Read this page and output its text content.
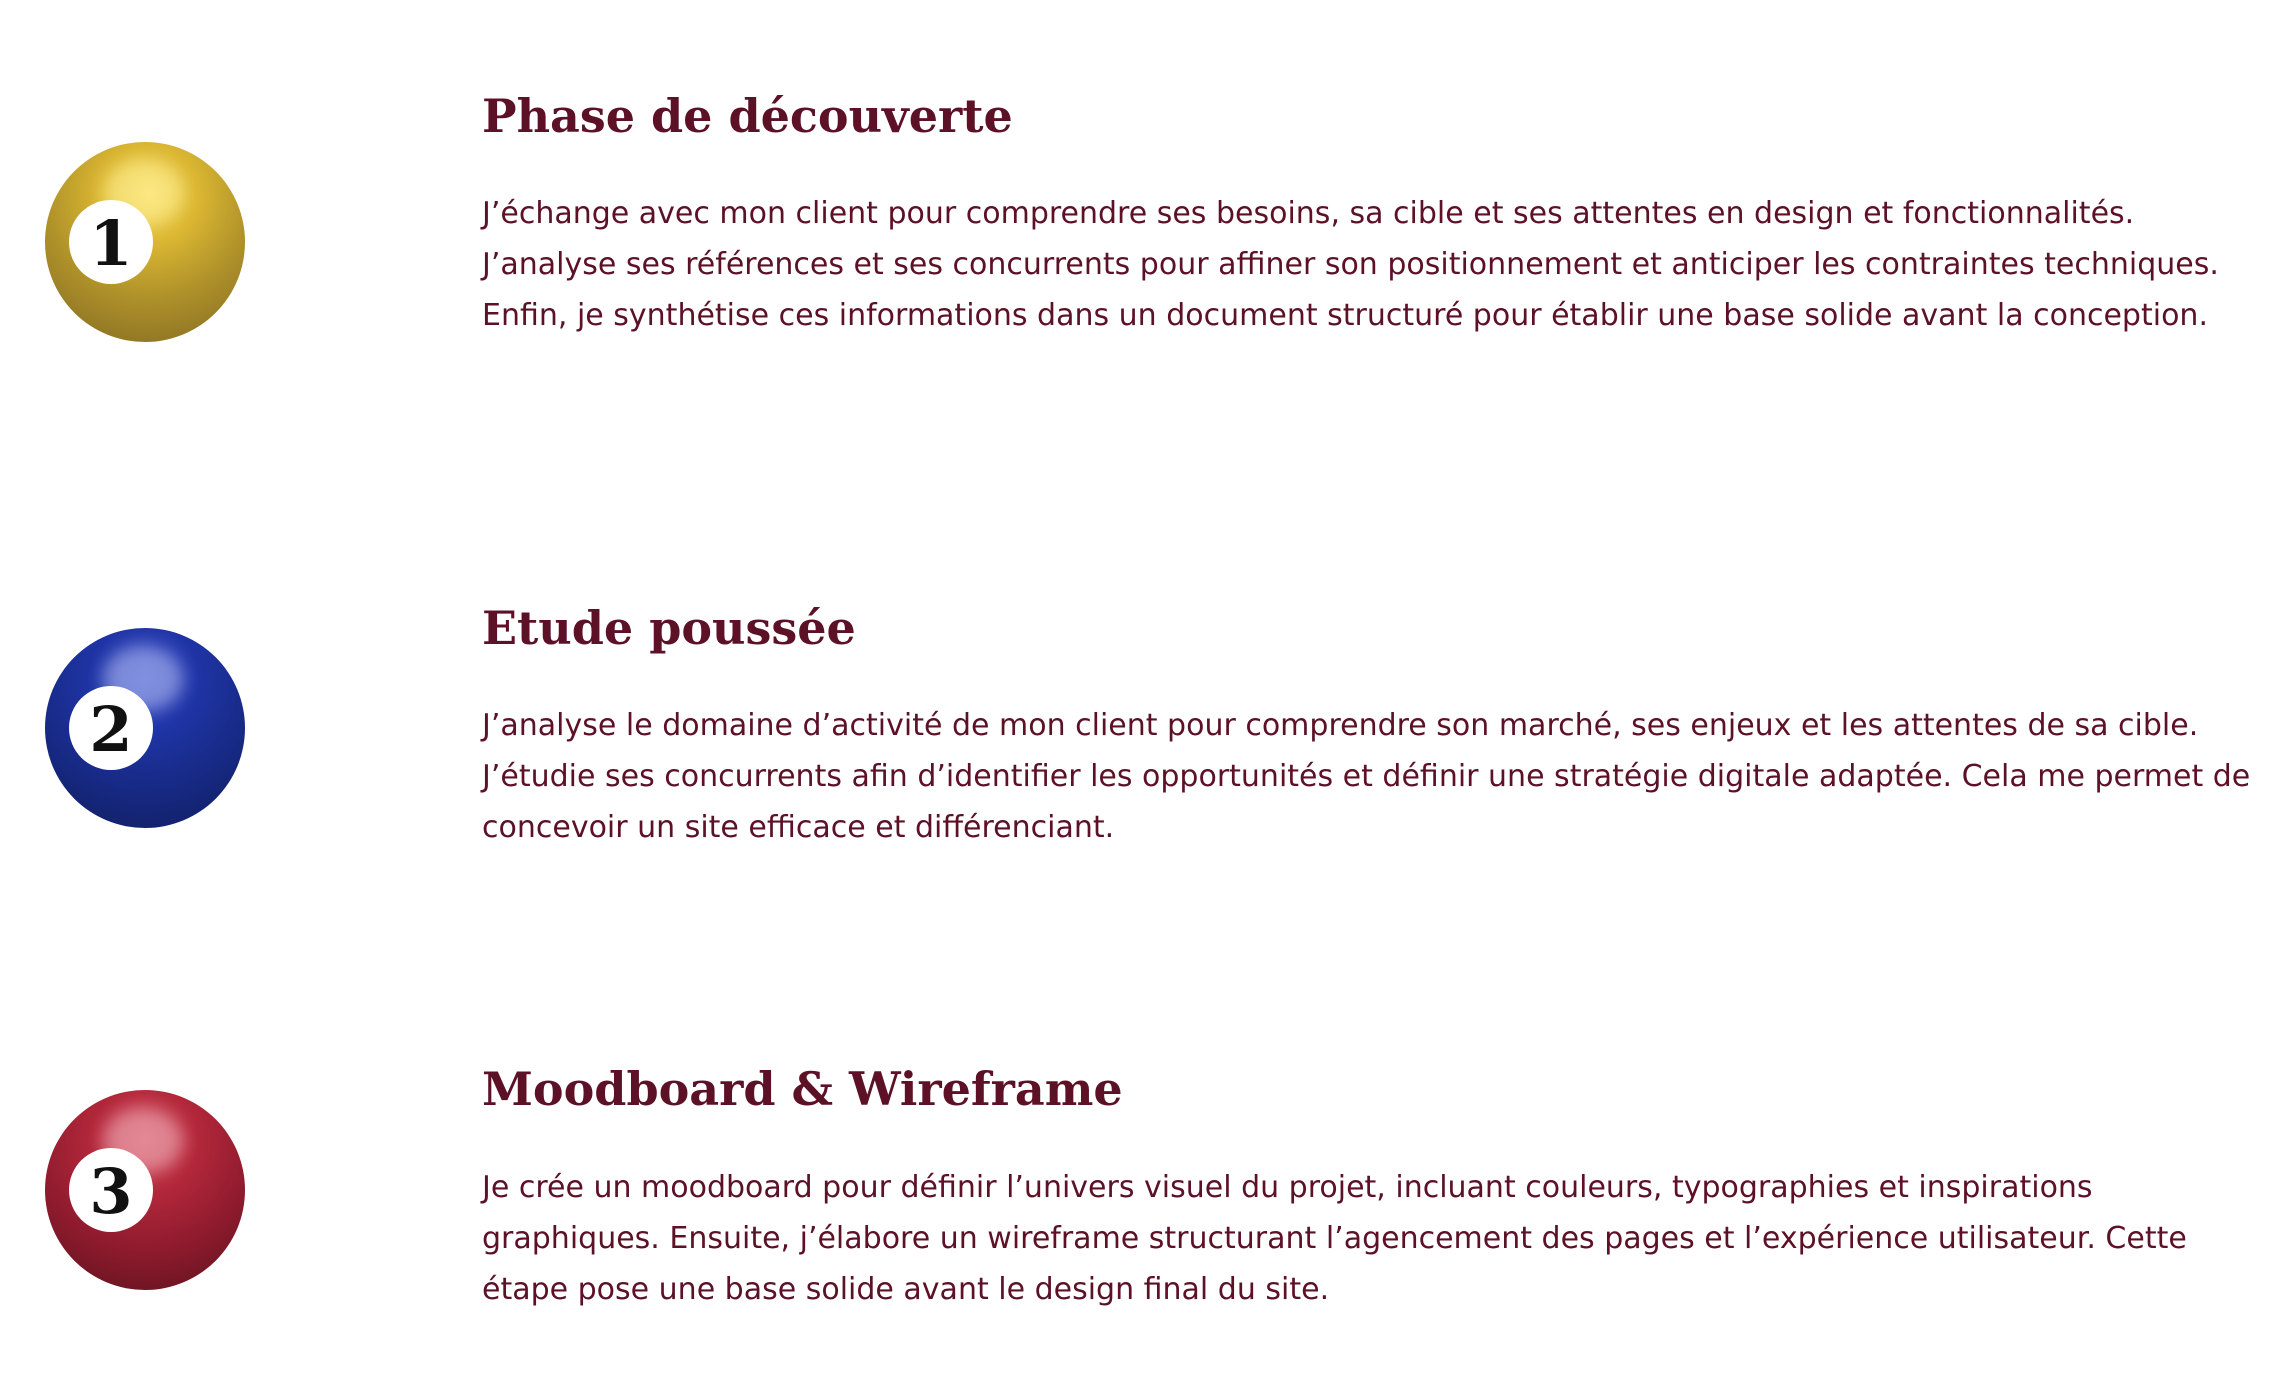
1
Phase de découverte

J’échange avec mon client pour comprendre ses besoins, sa cible et ses attentes en design et fonctionnalités. J’analyse ses références et ses concurrents pour affiner son positionnement et anticiper les contraintes techniques. Enfin, je synthétise ces informations dans un document structuré pour établir une base solide avant la conception.

2
Etude poussée

J’analyse le domaine d’activité de mon client pour comprendre son marché, ses enjeux et les attentes de sa cible. J’étudie ses concurrents afin d’identifier les opportunités et définir une stratégie digitale adaptée. Cela me permet de concevoir un site efficace et différenciant.

3
Moodboard & Wireframe

Je crée un moodboard pour définir l’univers visuel du projet, incluant couleurs, typographies et inspirations graphiques. Ensuite, j’élabore un wireframe structurant l’agencement des pages et l’expérience utilisateur. Cette étape pose une base solide avant le design final du site.
